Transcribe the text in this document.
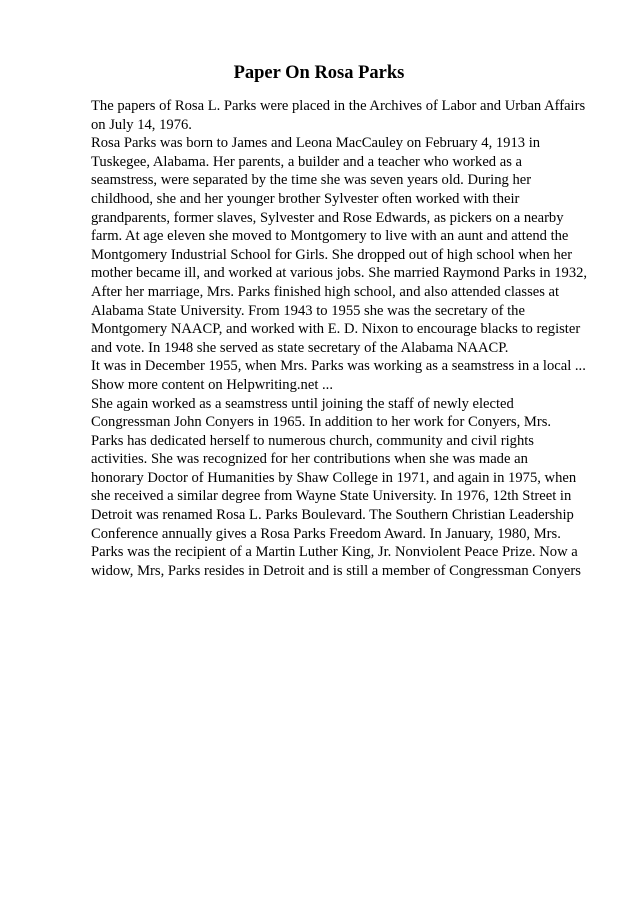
Paper On Rosa Parks
The papers of Rosa L. Parks were placed in the Archives of Labor and Urban Affairs
on July 14, 1976.
Rosa Parks was born to James and Leona MacCauley on February 4, 1913 in
Tuskegee, Alabama. Her parents, a builder and a teacher who worked as a
seamstress, were separated by the time she was seven years old. During her
childhood, she and her younger brother Sylvester often worked with their
grandparents, former slaves, Sylvester and Rose Edwards, as pickers on a nearby
farm. At age eleven she moved to Montgomery to live with an aunt and attend the
Montgomery Industrial School for Girls. She dropped out of high school when her
mother became ill, and worked at various jobs. She married Raymond Parks in 1932,
After her marriage, Mrs. Parks finished high school, and also attended classes at
Alabama State University. From 1943 to 1955 she was the secretary of the
Montgomery NAACP, and worked with E. D. Nixon to encourage blacks to register
and vote. In 1948 she served as state secretary of the Alabama NAACP.
It was in December 1955, when Mrs. Parks was working as a seamstress in a local ...
Show more content on Helpwriting.net ...
She again worked as a seamstress until joining the staff of newly elected
Congressman John Conyers in 1965. In addition to her work for Conyers, Mrs.
Parks has dedicated herself to numerous church, community and civil rights
activities. She was recognized for her contributions when she was made an
honorary Doctor of Humanities by Shaw College in 1971, and again in 1975, when
she received a similar degree from Wayne State University. In 1976, 12th Street in
Detroit was renamed Rosa L. Parks Boulevard. The Southern Christian Leadership
Conference annually gives a Rosa Parks Freedom Award. In January, 1980, Mrs.
Parks was the recipient of a Martin Luther King, Jr. Nonviolent Peace Prize. Now a
widow, Mrs, Parks resides in Detroit and is still a member of Congressman Conyers
